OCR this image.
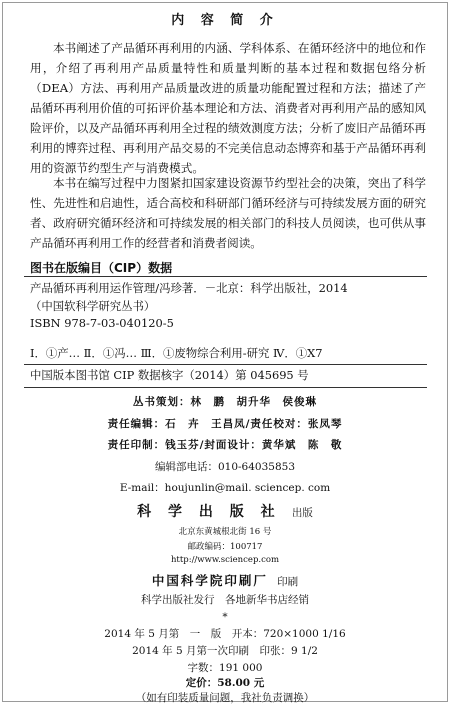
内 容 简 介
本书阐述了产品循环再利用的内涵、学科体系、在循环经济中的地位和作用，介绍了再利用产品质量特性和质量判断的基本过程和数据包络分析（DEA）方法、再利用产品质量改进的质量功能配置过程和方法；描述了产品循环再利用价值的可拓评价基本理论和方法、消费者对再利用产品的感知风险评价，以及产品循环再利用全过程的绩效测度方法；分析了废旧产品循环再利用的博弈过程、再利用产品交易的不完美信息动态博弈和基于产品循环再利用的资源节约型生产与消费模式。
本书在编写过程中力图紧扣国家建设资源节约型社会的决策，突出了科学性、先进性和启迪性，适合高校和科研部门循环经济与可持续发展方面的研究者、政府研究循环经济和可持续发展的相关部门的科技人员阅读，也可供从事产品循环再利用工作的经营者和消费者阅读。
图书在版编目（CIP）数据
产品循环再利用运作管理/冯珍著．－北京：科学出版社，2014
（中国软科学研究丛书）
ISBN 978-7-03-040120-5
Ⅰ．①产… Ⅱ．①冯… Ⅲ．①废物综合利用-研究 Ⅳ．①X7
中国版本图书馆 CIP 数据核字（2014）第 045695 号
丛书策划：林　鹏　胡升华　侯俊琳
责任编辑：石　卉　王昌凤/责任校对：张凤琴
责任印制：钱玉芬/封面设计：黄华斌　陈　敬
编辑部电话：010-64035853
E-mail：houjunlin@mail. sciencep. com
科 学 出 版 社 出版
北京东黄城根北街 16 号
邮政编码：100717
http://www.sciencep.com
中国科学院印刷厂 印刷
科学出版社发行　各地新华书店经销
*
2014 年 5 月第　一　版　开本：720×1000 1/16
2014 年 5 月第一次印刷　印张：9 1/2
字数：191 000
定价：58.00 元
（如有印装质量问题，我社负责调换）
